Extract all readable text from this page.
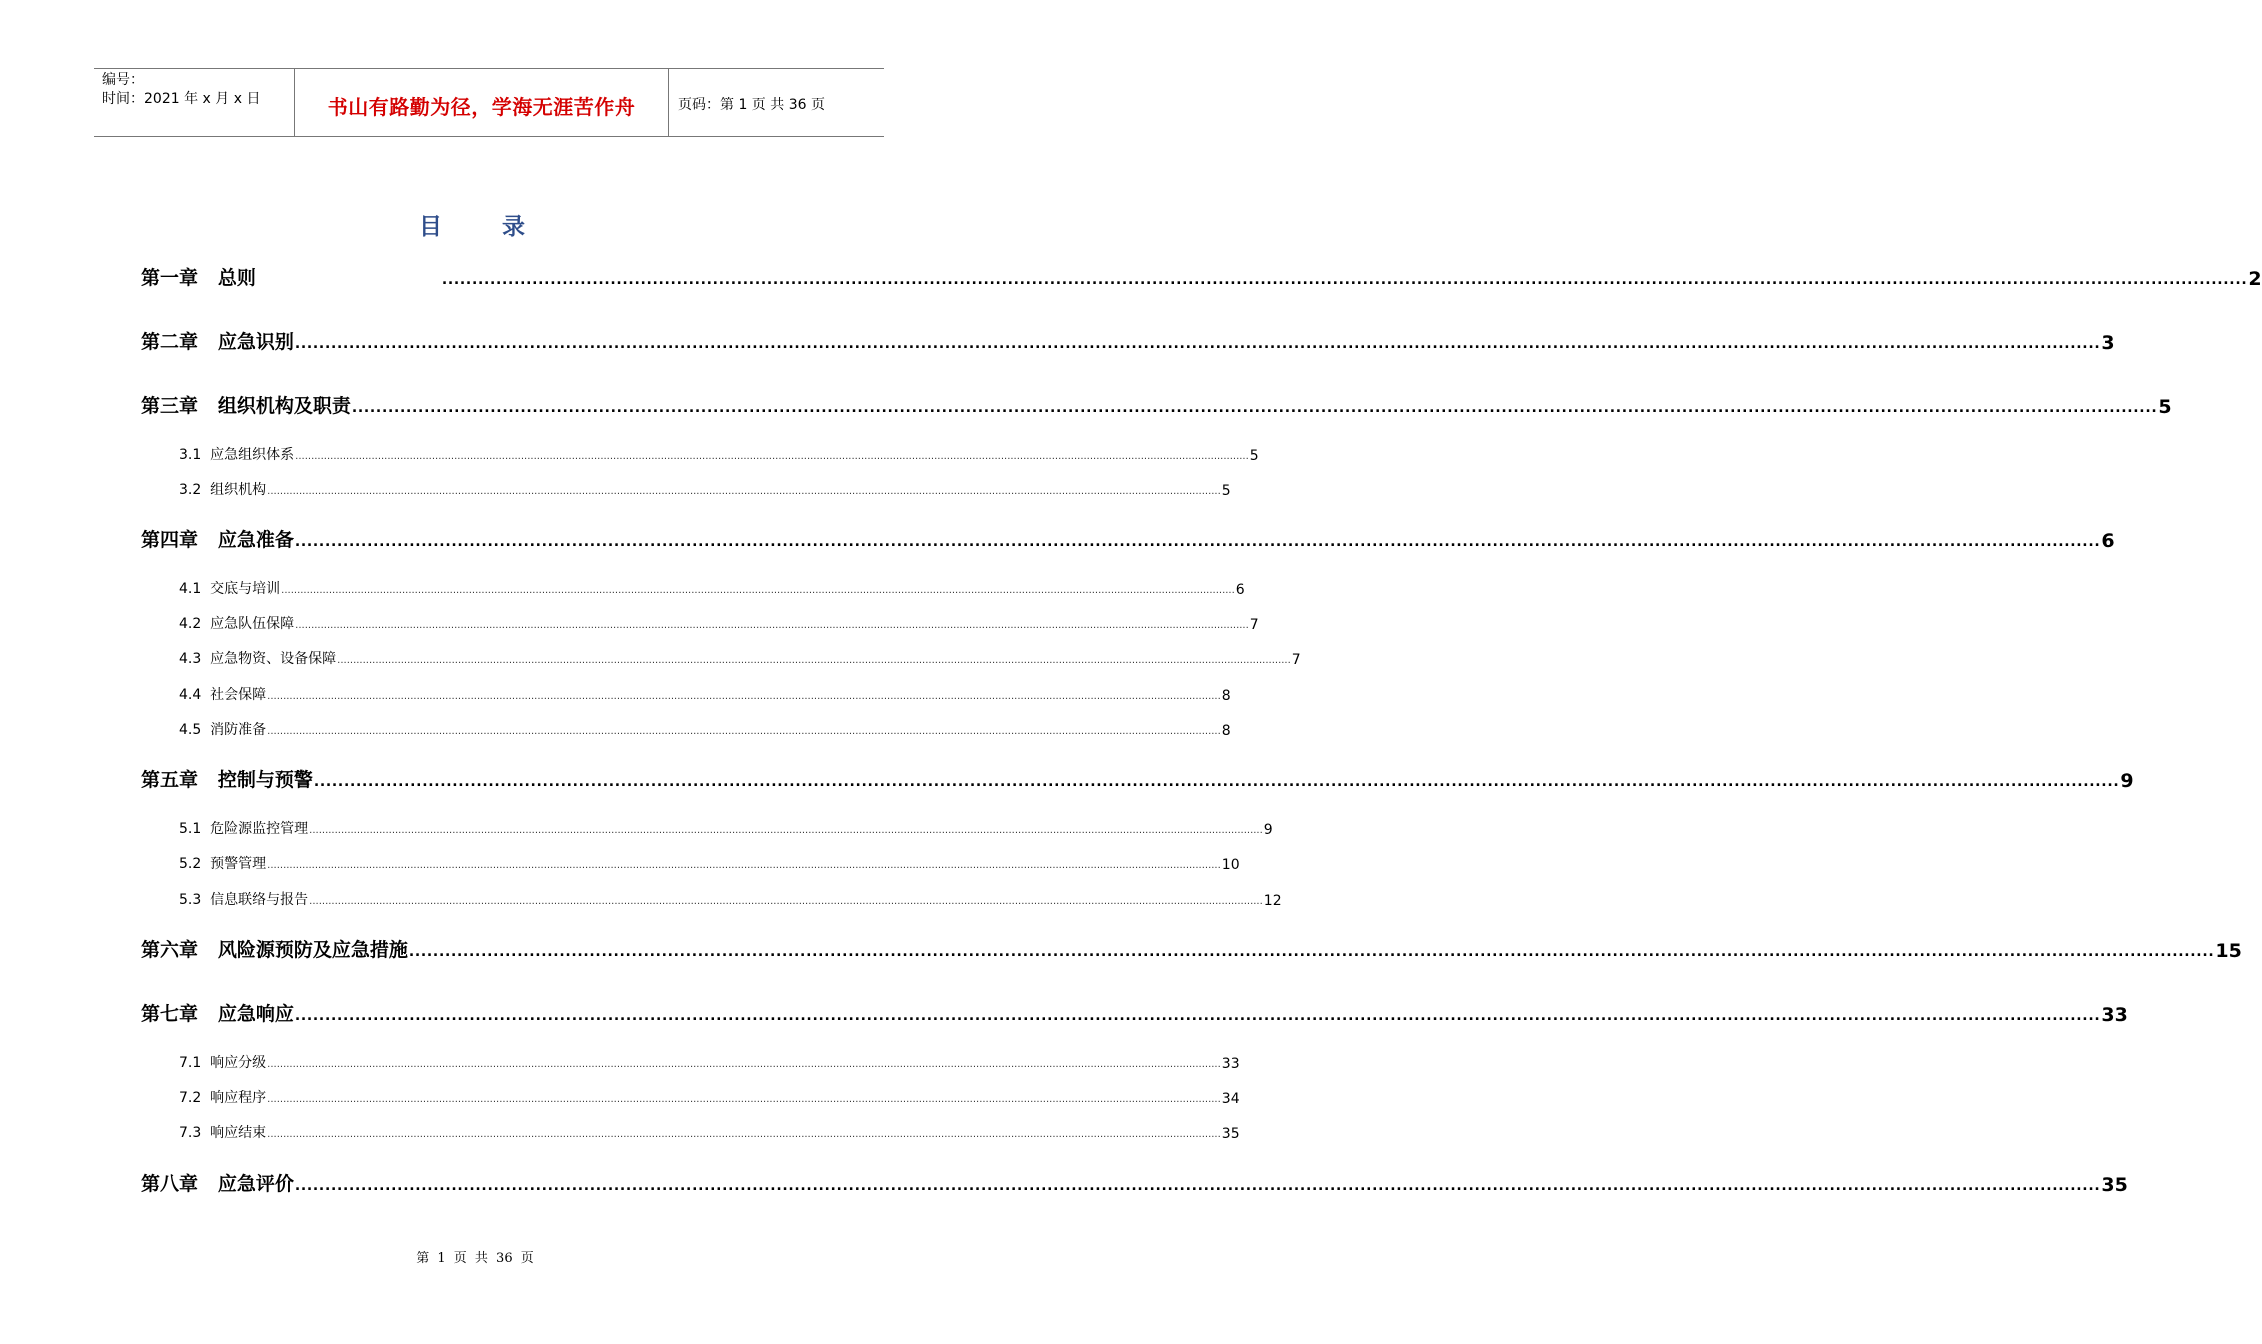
编号：
时间：2021 年 x 月 x 日	书山有路勤为径，学海无涯苦作舟	页码：第 1 页 共 36 页
目 录
第一章   总则	............................................................................................................................................................................................................................................................................................................ 2
第二章   应急识别 ............................................................................................................................................................................................................................................................................................................ 3
第三章   组织机构及职责 ............................................................................................................................................................................................................................................................................................................ 5
3.1  应急组织体系 ............................................................................................................................................................................................................................................................................................................ 5
3.2  组织机构 ............................................................................................................................................................................................................................................................................................................ 5
第四章   应急准备 ............................................................................................................................................................................................................................................................................................................ 6
4.1  交底与培训 ............................................................................................................................................................................................................................................................................................................ 6
4.2  应急队伍保障 ............................................................................................................................................................................................................................................................................................................ 7
4.3  应急物资、设备保障 ............................................................................................................................................................................................................................................................................................................ 7
4.4  社会保障 ............................................................................................................................................................................................................................................................................................................ 8
4.5  消防准备 ............................................................................................................................................................................................................................................................................................................ 8
第五章   控制与预警 ............................................................................................................................................................................................................................................................................................................ 9
5.1  危险源监控管理 ............................................................................................................................................................................................................................................................................................................ 9
5.2  预警管理 ............................................................................................................................................................................................................................................................................................................ 10
5.3  信息联络与报告 ............................................................................................................................................................................................................................................................................................................ 12
第六章   风险源预防及应急措施 ............................................................................................................................................................................................................................................................................................................ 15
第七章   应急响应 ............................................................................................................................................................................................................................................................................................................ 33
7.1  响应分级 ............................................................................................................................................................................................................................................................................................................ 33
7.2  响应程序 ............................................................................................................................................................................................................................................................................................................ 34
7.3  响应结束 ............................................................................................................................................................................................................................................................................................................ 35
第八章   应急评价 ............................................................................................................................................................................................................................................................................................................ 35
第 1 页 共 36 页
